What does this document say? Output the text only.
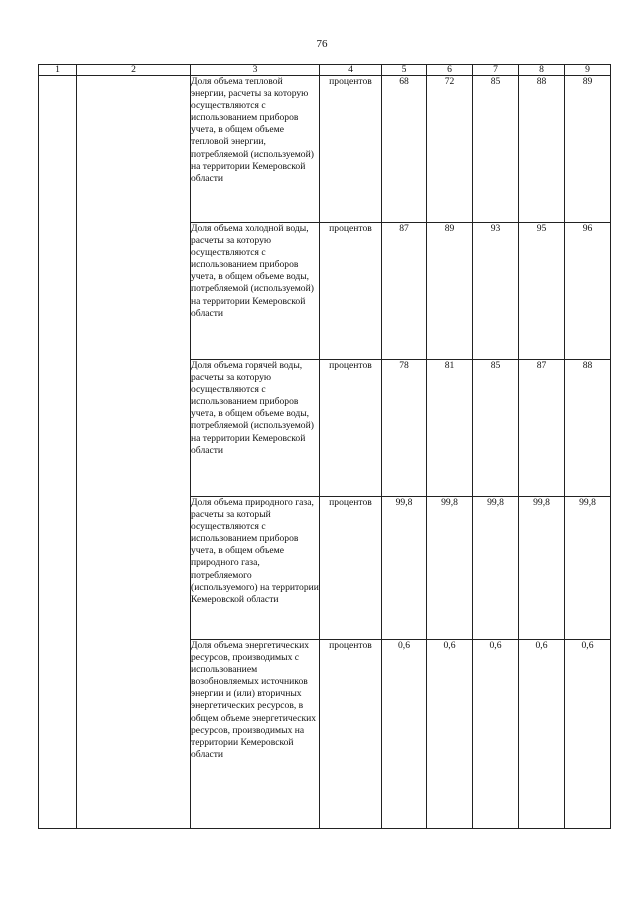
76
1	2	3	4	5	6	7	8	9

		Доля объема тепловой энергии, расчеты за которую осуществляются с использованием приборов учета, в общем объеме тепловой энергии, потребляемой (используемой) на территории Кемеровской области	процентов	68	72	85	88	89

		Доля объема холодной воды, расчеты за которую осуществляются с использованием приборов учета, в общем объеме воды, потребляемой (используемой) на территории Кемеровской области	процентов	87	89	93	95	96

		Доля объема горячей воды, расчеты за которую осуществляются с использованием приборов учета, в общем объеме воды, потребляемой (используемой) на территории Кемеровской области	процентов	78	81	85	87	88

		Доля объема природного газа, расчеты за который осуществляются с использованием приборов учета, в общем объеме природного газа, потребляемого (используемого) на территории Кемеровской области	процентов	99,8	99,8	99,8	99,8	99,8

		Доля объема энергетических ресурсов, производимых с использованием возобновляемых источников энергии и (или) вторичных энергетических ресурсов, в общем объеме энергетических ресурсов, производимых на территории Кемеровской области	процентов	0,6	0,6	0,6	0,6	0,6
